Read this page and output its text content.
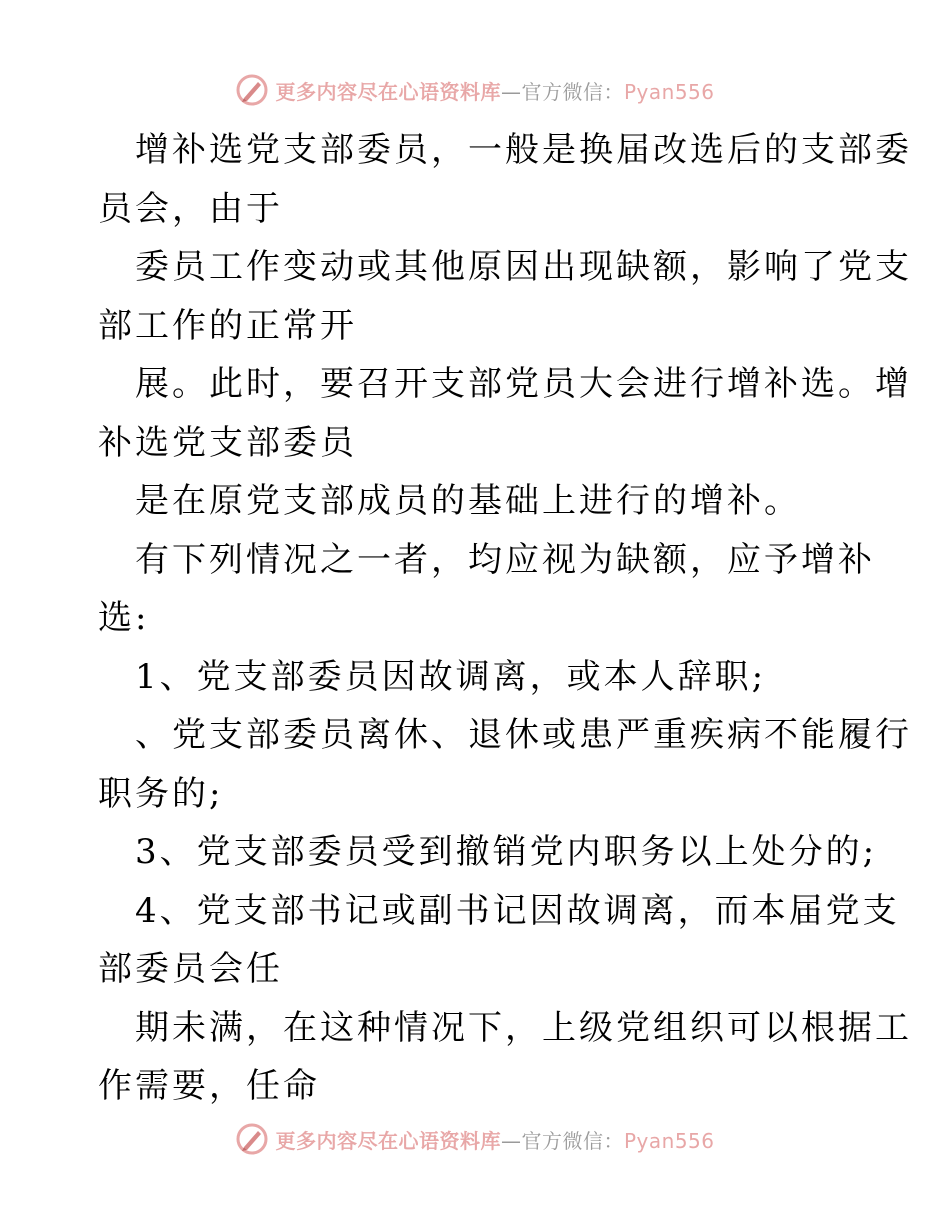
更多内容尽在心语资料库—官方微信：Pyan556
增补选党支部委员，一般是换届改选后的支部委
员会，由于
委员工作变动或其他原因出现缺额，影响了党支
部工作的正常开
展。此时，要召开支部党员大会进行增补选。增
补选党支部委员
是在原党支部成员的基础上进行的增补。
有下列情况之一者，均应视为缺额，应予增补
选:
1、党支部委员因故调离，或本人辞职;
、党支部委员离休、退休或患严重疾病不能履行
职务的;
3、党支部委员受到撤销党内职务以上处分的;
4、党支部书记或副书记因故调离，而本届党支
部委员会任
期未满，在这种情况下，上级党组织可以根据工
作需要，任命
更多内容尽在心语资料库—官方微信：Pyan556
